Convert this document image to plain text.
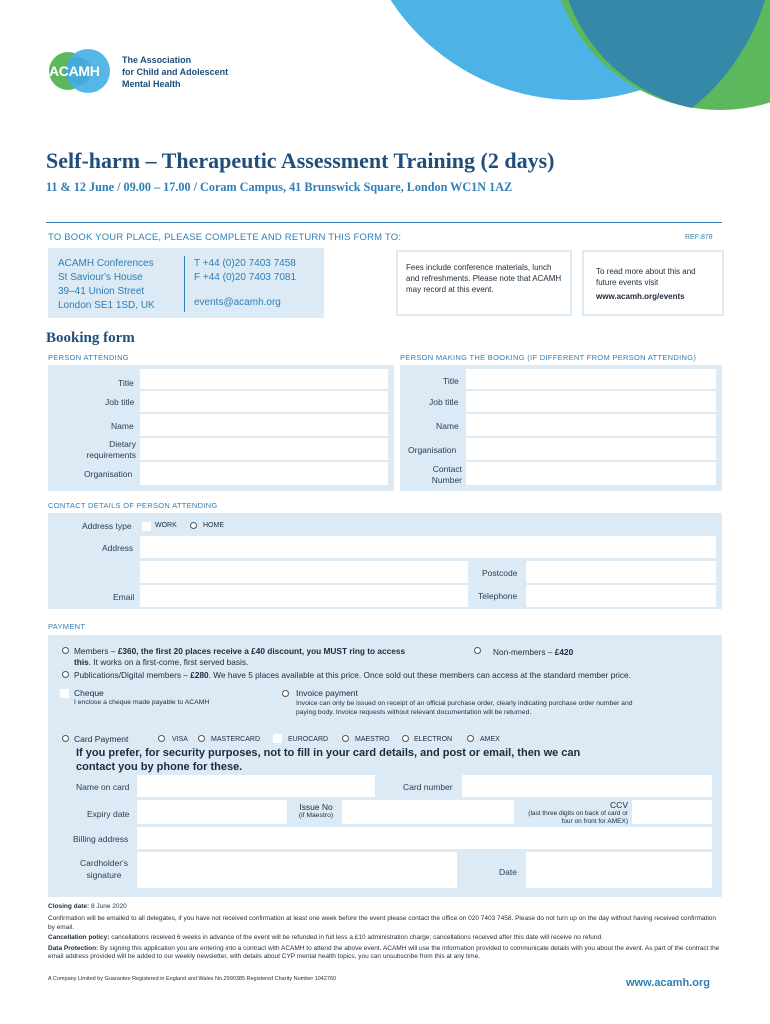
ACAMH
The Association
for Child and Adolescent
Mental Health
Self-harm – Therapeutic Assessment Training (2 days)
11 & 12 June / 09.00 – 17.00 / Coram Campus, 41 Brunswick Square, London WC1N 1AZ
TO BOOK YOUR PLACE, PLEASE COMPLETE AND RETURN THIS FORM TO:	REF:878
ACAMH Conferences
St Saviour's House
39–41 Union Street
London SE1 1SD, UK
T +44 (0)20 7403 7458
F +44 (0)20 7403 7081
events@acamh.org
Fees include conference materials, lunch and refreshments. Please note that ACAMH may record at this event.
To read more about this and future events visit
www.acamh.org/events
Booking form
PERSON ATTENDING	PERSON MAKING THE BOOKING (IF DIFFERENT FROM PERSON ATTENDING)
Title
Job title
Name
Dietary
requirements
Organisation
Title
Job title
Name
Organisation
Contact
Number
CONTACT DETAILS OF PERSON ATTENDING
Address type	WORK	HOME
Address
Postcode
Email	Telephone
PAYMENT
Members – £360, the first 20 places receive a £40 discount, you MUST ring to access
this. It works on a first-come, first served basis.
Non-members – £420
Publications/Digital members – £280. We have 5 places available at this price. Once sold out these members can access at the standard member price.
Cheque
I enclose a cheque made payable to ACAMH
Invoice payment
Invoice can only be issued on receipt of an official purchase order, clearly indicating purchase order number and paying body. Invoice requests without relevant documentation will be returned.
Card Payment	VISA	MASTERCARD	EUROCARD	MAESTRO	ELECTRON	AMEX
If you prefer, for security purposes, not to fill in your card details, and post or email, then we can contact you by phone for these.
Name on card	Card number
Expiry date
Issue No
(if Maestro)
CCV
(last three digits on back of card or four on front for AMEX)
Billing address
Cardholder's
signature	Date
Closing date: 8 June 2020
Confirmation will be emailed to all delegates, if you have not received confirmation at least one week before the event please contact the office on 020 7403 7458. Please do not turn up on the day without having received confirmation by email.
Cancellation policy: cancellations received 6 weeks in advance of the event will be refunded in full less a £10 administration charge; cancellations received after this date will receive no refund.
Data Protection: By signing this application you are entering into a contract with ACAMH to attend the above event. ACAMH will use the information provided to communicate details with you about the event. As part of the contract the email address provided will be added to our weekly newsletter, with details about CYP mental health topics, you can unsubscribe from this at any time.
A Company Limited by Guarantee Registered in England and Wales No.2990385 Registered Charity Number 1042760	www.acamh.org
